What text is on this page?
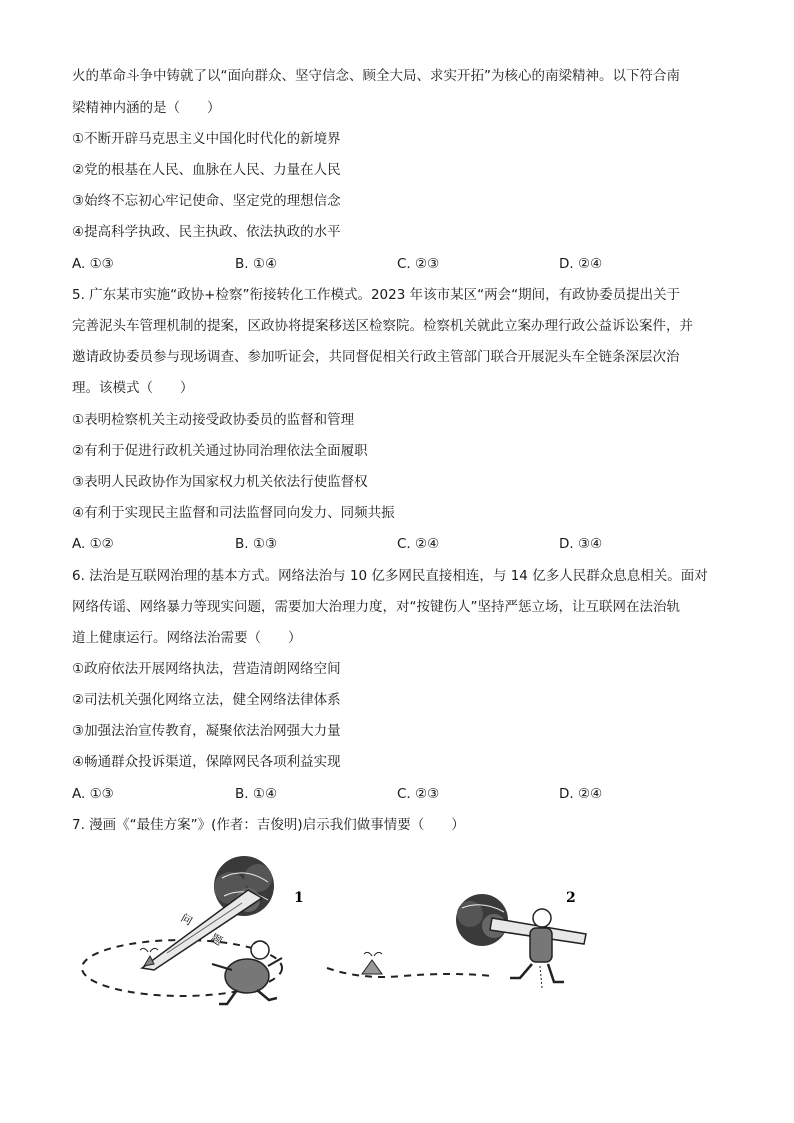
火的革命斗争中铸就了以“面向群众、坚守信念、顾全大局、求实开拓”为核心的南梁精神。以下符合南
梁精神内涵的是（　　）
①不断开辟马克思主义中国化时代化的新境界
②党的根基在人民、血脉在人民、力量在人民
③始终不忘初心牢记使命、坚定党的理想信念
④提高科学执政、民主执政、依法执政的水平
A. ①③	B. ①④	C. ②③	D. ②④
5. 广东某市实施“政协+检察”衔接转化工作模式。2023 年该市某区“两会“期间，有政协委员提出关于
完善泥头车管理机制的提案，区政协将提案移送区检察院。检察机关就此立案办理行政公益诉讼案件，并
邀请政协委员参与现场调查、参加听证会，共同督促相关行政主管部门联合开展泥头车全链条深层次治
理。该模式（　　）
①表明检察机关主动接受政协委员的监督和管理
②有利于促进行政机关通过协同治理依法全面履职
③表明人民政协作为国家权力机关依法行使监督权
④有利于实现民主监督和司法监督同向发力、同频共振
A. ①②	B. ①③	C. ②④	D. ③④
6. 法治是互联网治理的基本方式。网络法治与 10 亿多网民直接相连，与 14 亿多人民群众息息相关。面对
网络传谣、网络暴力等现实问题，需要加大治理力度，对“按键伤人”坚持严惩立场，让互联网在法治轨
道上健康运行。网络法治需要（　　）
①政府依法开展网络执法，营造清朗网络空间
②司法机关强化网络立法，健全网络法律体系
③加强法治宣传教育，凝聚依法治网强大力量
④畅通群众投诉渠道，保障网民各项利益实现
A. ①③	B. ①④	C. ②③	D. ②④
7. 漫画《“最佳方案”》(作者：吉俊明)启示我们做事情要（　　）
问
题
1	2
